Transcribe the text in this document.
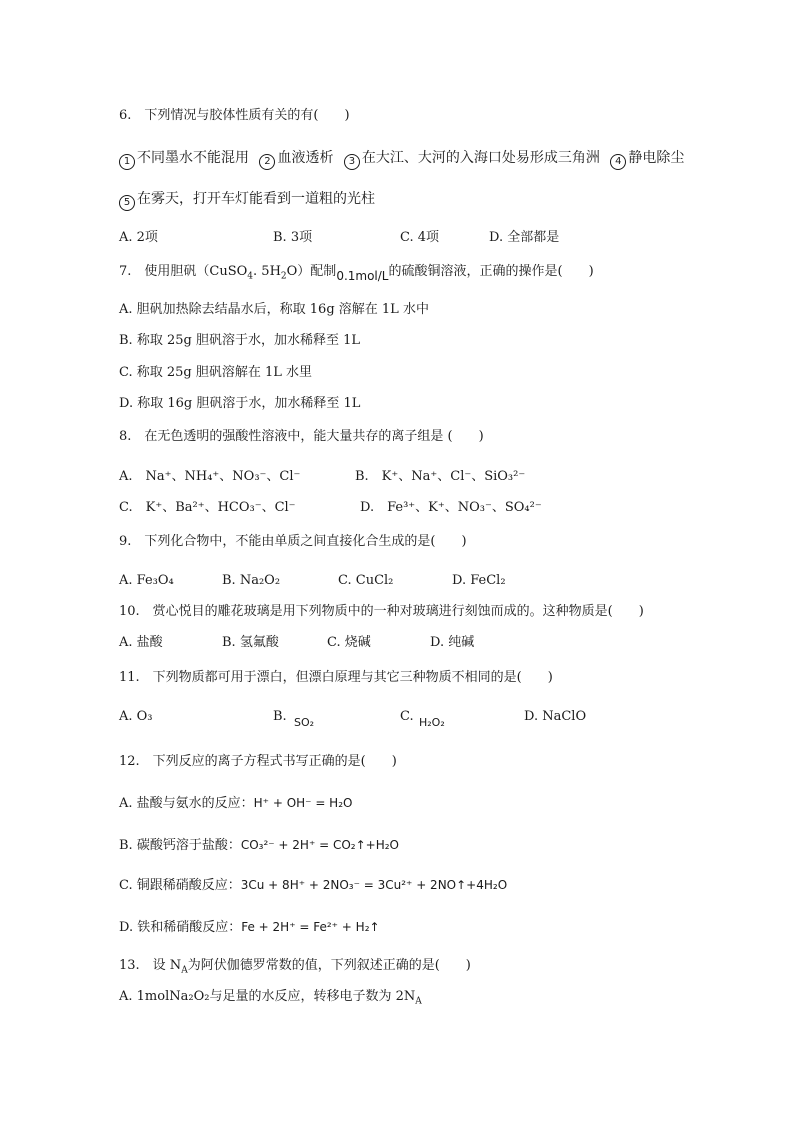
6.　下列情况与胶体性质有关的有(　　)
1 不同墨水不能混用 2 血液透析 3 在大江、大河的入海口处易形成三角洲 4 静电除尘
5 在雾天，打开车灯能看到一道粗的光柱
A. 2项	B. 3项	C. 4项	D. 全部都是
7.　使用胆矾（CuSO$_4$. $5H_2O$）配制0.1mol/L的硫酸铜溶液，正确的操作是(　　)
A. 胆矾加热除去结晶水后，称取 16g 溶解在 1L 水中
B. 称取 25g 胆矾溶于水，加水稀释至 1L
C. 称取 25g 胆矾溶解在 1L 水里
D. 称取 16g 胆矾溶于水，加水稀释至 1L
8.　在无色透明的强酸性溶液中，能大量共存的离子组是 (　　)
A.　Na⁺、NH₄⁺、NO₃⁻、Cl⁻	B.　K⁺、Na⁺、Cl⁻、SiO₃²⁻
C.　K⁺、Ba²⁺、HCO₃⁻、Cl⁻	D.　Fe³⁺、K⁺、NO₃⁻、SO₄²⁻
9.　下列化合物中，不能由单质之间直接化合生成的是(　　)
A. Fe₃O₄	B. Na₂O₂	C. CuCl₂	D. FeCl₂
10.　赏心悦目的雕花玻璃是用下列物质中的一种对玻璃进行刻蚀而成的。这种物质是(　　)
A. 盐酸	B. 氢氟酸	C. 烧碱	D. 纯碱
11.　下列物质都可用于漂白，但漂白原理与其它三种物质不相同的是(　　)
A. O₃	B. SO₂	C. H₂O₂	D. NaClO
12.　下列反应的离子方程式书写正确的是(　　)
A. 盐酸与氨水的反应：H⁺ + OH⁻ = H₂O
B. 碳酸钙溶于盐酸：CO₃²⁻ + 2H⁺ = CO₂↑+H₂O
C. 铜跟稀硝酸反应：3Cu + 8H⁺ + 2NO₃⁻ = 3Cu²⁺ + 2NO↑+4H₂O
D. 铁和稀硝酸反应：Fe + 2H⁺ = Fe²⁺ + H₂↑
13.　设 $N_A$为阿伏伽德罗常数的值，下列叙述正确的是(　　)
A. 1molNa₂O₂与足量的水反应，转移电子数为 $2N_A$
